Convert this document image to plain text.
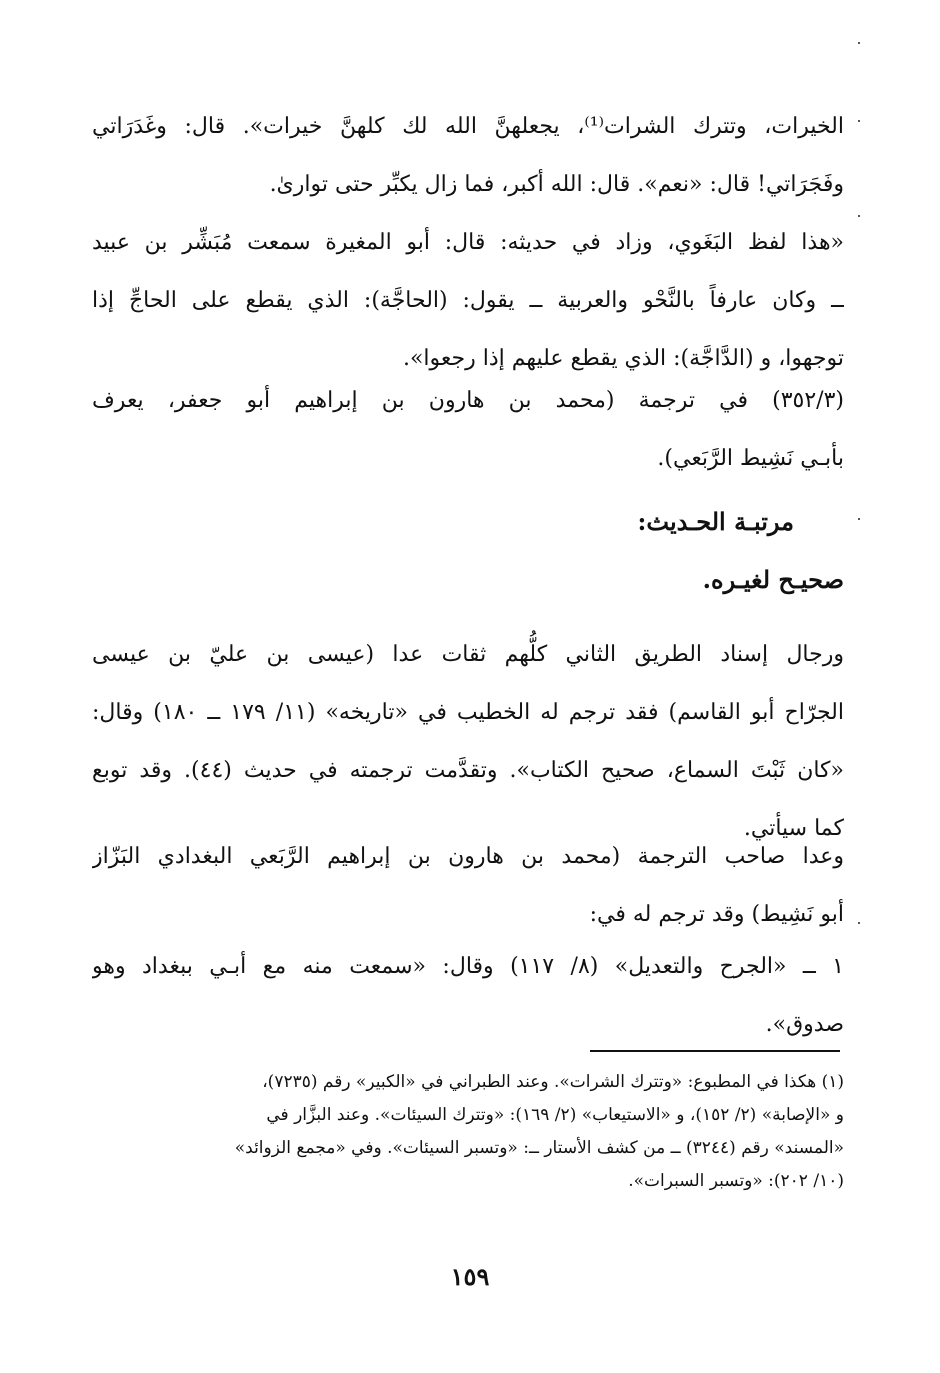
الخيرات، وتترك الشرات⁽¹⁾، يجعلهنَّ الله لك كلهنَّ خيرات». قال: وغَدَرَاتي
وفَجَرَاتي! قال: «نعم». قال: الله أكبر، فما زال يكبِّر حتى توارىٰ.
«هذا لفظ البَغَوي، وزاد في حديثه: قال: أبو المغيرة سمعت مُبَشِّر بن عبيد
ــ وكان عارفاً بالنَّحْو والعربية ــ يقول: (الحاجَّة): الذي يقطع على الحاجِّ إذا
توجهوا، و (الدَّاجَّة): الذي يقطع عليهم إذا رجعوا».
(٣٥٢/٣) في ترجمة (محمد بن هارون بن إبراهيم أبو جعفر، يعرف
بأبـي نَشِيط الرَّبَعي).
مرتبـة الحـديث:
صحيـح لغيـره.
ورجال إسناد الطريق الثاني كلُّهم ثقات عدا (عيسى بن عليّ بن عيسى
الجرّاح أبو القاسم) فقد ترجم له الخطيب في «تاريخه» (١١/ ١٧٩ ــ ١٨٠) وقال:
«كان ثَبْتَ السماع، صحيح الكتاب». وتقدَّمت ترجمته في حديث (٤٤). وقد توبع
كما سيأتي.
وعدا صاحب الترجمة (محمد بن هارون بن إبراهيم الرَّبَعي البغدادي البَزّاز
أبو نَشِيط) وقد ترجم له في:
١ ــ «الجرح والتعديل» (٨/ ١١٧) وقال: «سمعت منه مع أبـي ببغداد وهو
صدوق».
(١) هكذا في المطبوع: «وتترك الشرات». وعند الطبراني في «الكبير» رقم (٧٢٣٥)،
و «الإصابة» (٢/ ١٥٢)، و «الاستيعاب» (٢/ ١٦٩): «وتترك السيئات». وعند البزَّار في
«المسند» رقم (٣٢٤٤) ــ من كشف الأستار ــ: «وتسبر السيئات». وفي «مجمع الزوائد»
(١٠/ ٢٠٢): «وتسبر السبرات».
١٥٩
